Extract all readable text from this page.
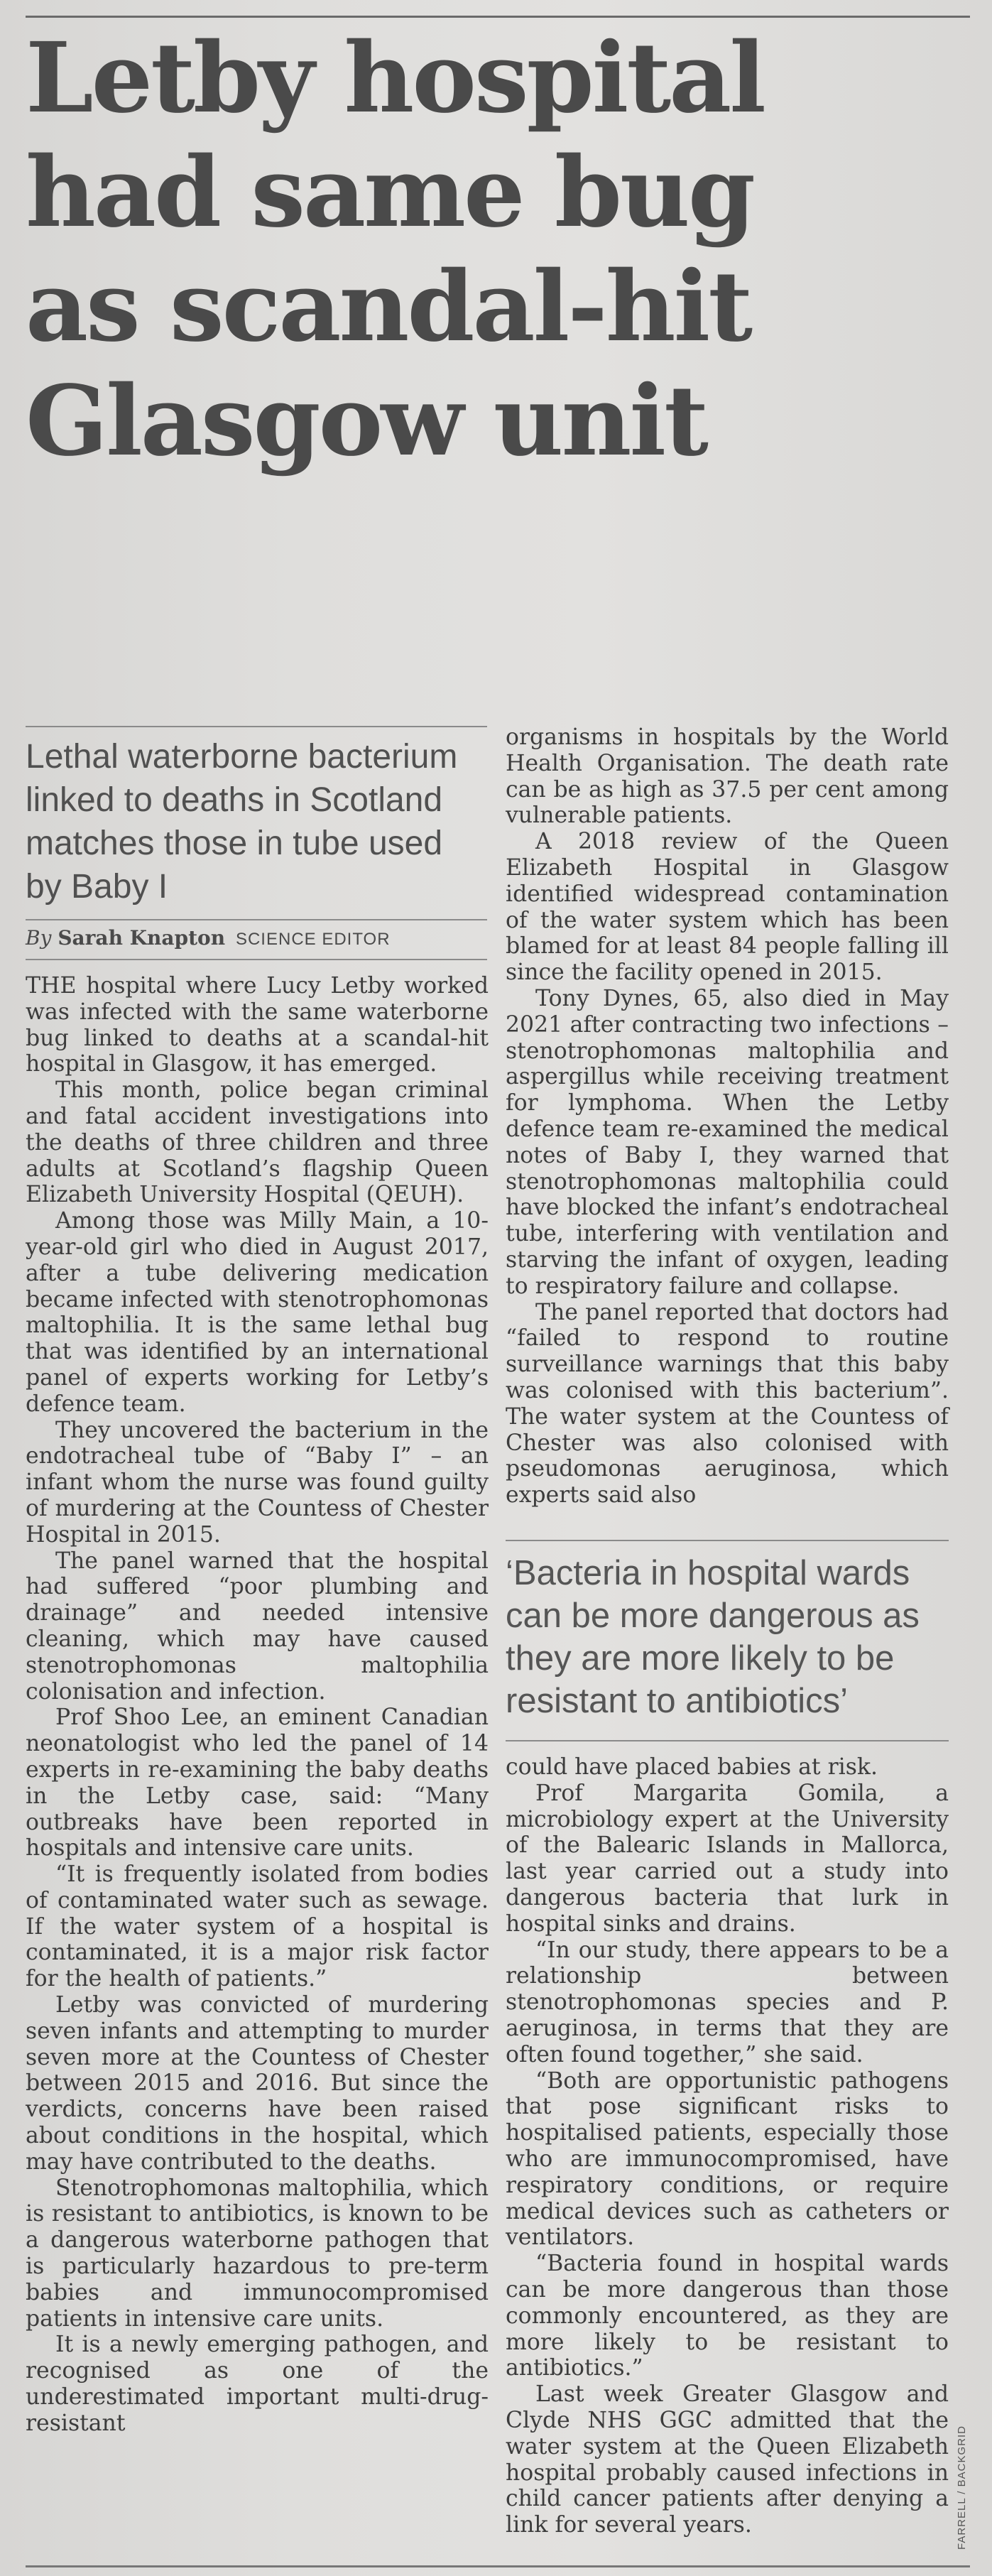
Letby hospital
had same bug
as scandal-hit
Glasgow unit

Lethal waterborne bacterium linked to deaths in Scotland matches those in tube used by Baby I

By Sarah Knapton SCIENCE EDITOR

THE hospital where Lucy Letby worked was infected with the same waterborne bug linked to deaths at a scandal-hit hospital in Glasgow, it has emerged.

This month, police began criminal and fatal accident investigations into the deaths of three children and three adults at Scotland’s flagship Queen Elizabeth University Hospital (QEUH).

Among those was Milly Main, a 10-year-old girl who died in August 2017, after a tube delivering medication became infected with stenotrophomonas maltophilia. It is the same lethal bug that was identified by an international panel of experts working for Letby’s defence team.

They uncovered the bacterium in the endotracheal tube of “Baby I” – an infant whom the nurse was found guilty of murdering at the Countess of Chester Hospital in 2015.

The panel warned that the hospital had suffered “poor plumbing and drainage” and needed intensive cleaning, which may have caused stenotrophomonas maltophilia colonisation and infection.

Prof Shoo Lee, an eminent Canadian neonatologist who led the panel of 14 experts in re-examining the baby deaths in the Letby case, said: “Many outbreaks have been reported in hospitals and intensive care units.

“It is frequently isolated from bodies of contaminated water such as sewage. If the water system of a hospital is contaminated, it is a major risk factor for the health of patients.”

Letby was convicted of murdering seven infants and attempting to murder seven more at the Countess of Chester between 2015 and 2016. But since the verdicts, concerns have been raised about conditions in the hospital, which may have contributed to the deaths.

Stenotrophomonas maltophilia, which is resistant to antibiotics, is known to be a dangerous waterborne pathogen that is particularly hazardous to pre-term babies and immunocompromised patients in intensive care units.

It is a newly emerging pathogen, and recognised as one of the underestimated important multi-drug-resistant

organisms in hospitals by the World Health Organisation. The death rate can be as high as 37.5 per cent among vulnerable patients.

A 2018 review of the Queen Elizabeth Hospital in Glasgow identified widespread contamination of the water system which has been blamed for at least 84 people falling ill since the facility opened in 2015.

Tony Dynes, 65, also died in May 2021 after contracting two infections – stenotrophomonas maltophilia and aspergillus while receiving treatment for lymphoma. When the Letby defence team re-examined the medical notes of Baby I, they warned that stenotrophomonas maltophilia could have blocked the infant’s endotracheal tube, interfering with ventilation and starving the infant of oxygen, leading to respiratory failure and collapse.

The panel reported that doctors had “failed to respond to routine surveillance warnings that this baby was colonised with this bacterium”. The water system at the Countess of Chester was also colonised with pseudomonas aeruginosa, which experts said also

‘Bacteria in hospital wards can be more dangerous as they are more likely to be resistant to antibiotics’

could have placed babies at risk.

Prof Margarita Gomila, a microbiology expert at the University of the Balearic Islands in Mallorca, last year carried out a study into dangerous bacteria that lurk in hospital sinks and drains.

“In our study, there appears to be a relationship between stenotrophomonas species and P. aeruginosa, in terms that they are often found together,” she said.

“Both are opportunistic pathogens that pose significant risks to hospitalised patients, especially those who are immunocompromised, have respiratory conditions, or require medical devices such as catheters or ventilators.

“Bacteria found in hospital wards can be more dangerous than those commonly encountered, as they are more likely to be resistant to antibiotics.”

Last week Greater Glasgow and Clyde NHS GGC admitted that the water system at the Queen Elizabeth hospital probably caused infections in child cancer patients after denying a link for several years.	FARRELL / BACKGRID
